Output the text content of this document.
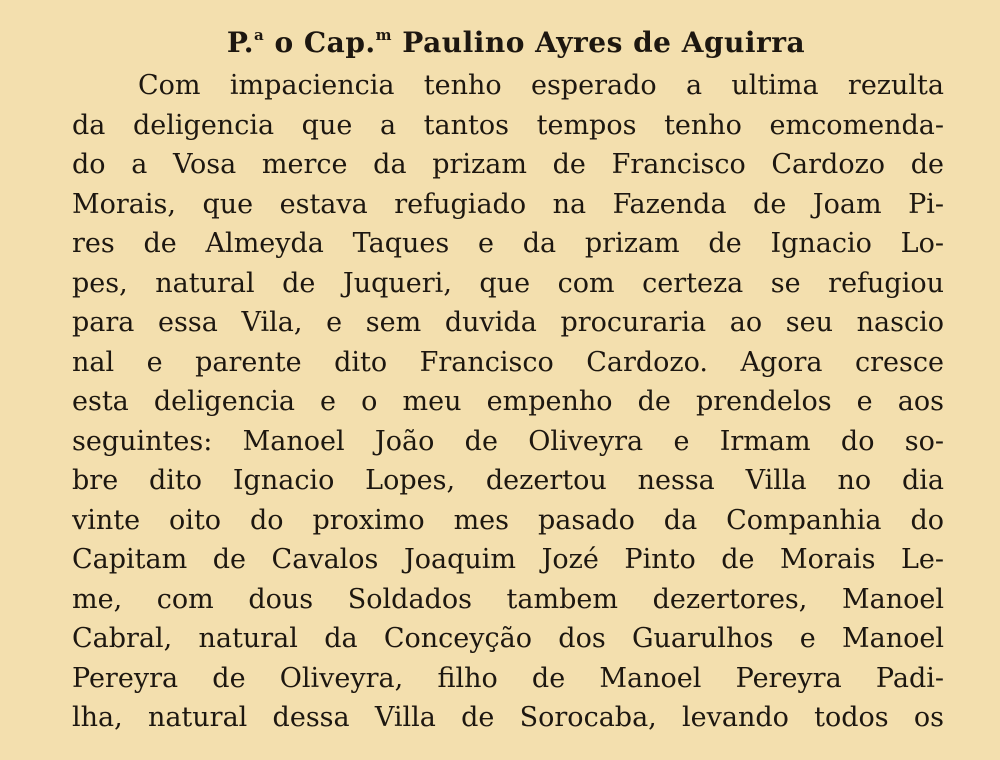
P.$^a$ o Cap.$^m$ Paulino Ayres de Aguirra
Com impaciencia tenho esperado a ultima rezulta
da deligencia que a tantos tempos tenho emcomenda-
do a Vosa merce da prizam de Francisco Cardozo de
Morais, que estava refugiado na Fazenda de Joam Pi-
res de Almeyda Taques e da prizam de Ignacio Lo-
pes, natural de Juqueri, que com certeza se refugiou
para essa Vila, e sem duvida procuraria ao seu nascio
nal e parente dito Francisco Cardozo. Agora cresce
esta deligencia e o meu empenho de prendelos e aos
seguintes: Manoel João de Oliveyra e Irmam do so-
bre dito Ignacio Lopes, dezertou nessa Villa no dia
vinte oito do proximo mes pasado da Companhia do
Capitam de Cavalos Joaquim Jozé Pinto de Morais Le-
me, com dous Soldados tambem dezertores, Manoel
Cabral, natural da Conceyção dos Guarulhos e Manoel
Pereyra de Oliveyra, filho de Manoel Pereyra Padi-
lha, natural dessa Villa de Sorocaba, levando todos os
